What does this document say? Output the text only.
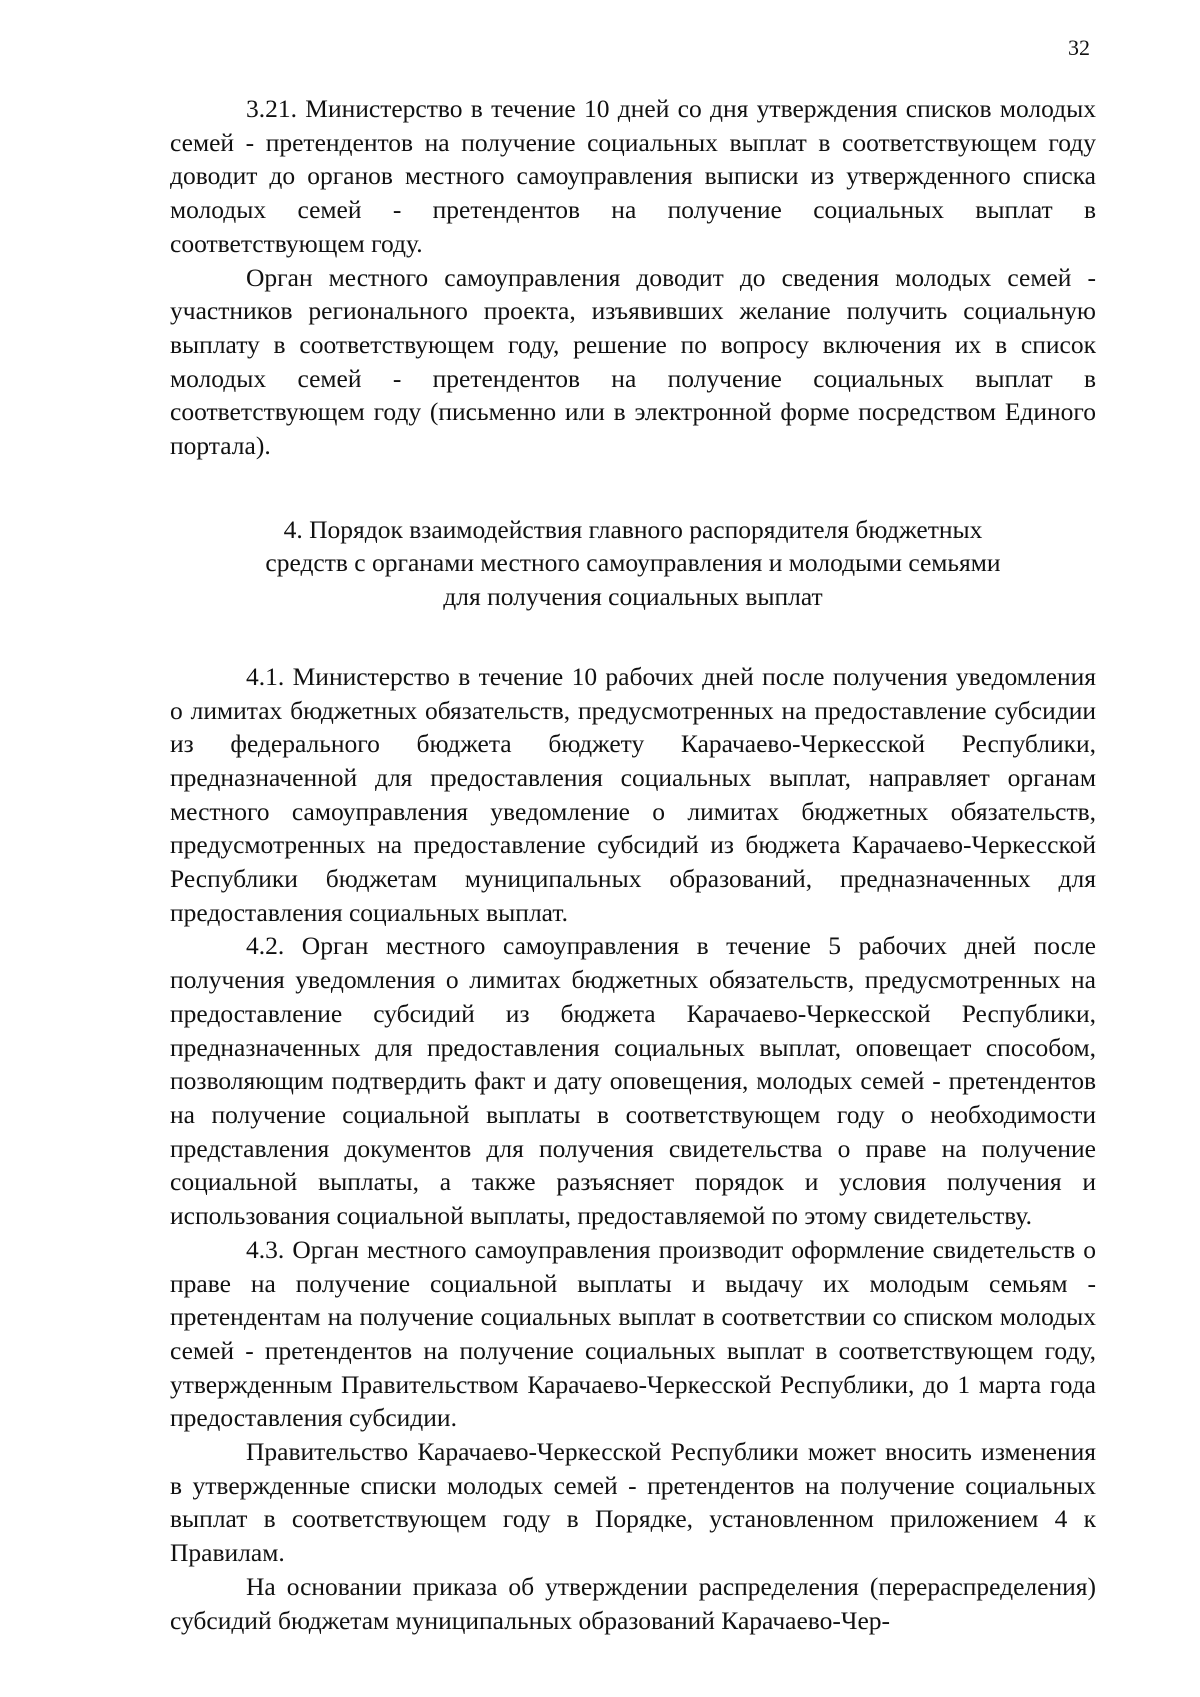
32

3.21. Министерство в течение 10 дней со дня утверждения списков молодых семей - претендентов на получение социальных выплат в соответствующем году доводит до органов местного самоуправления выписки из утвержденного списка молодых семей - претендентов на получение социальных выплат в соответствующем году.

Орган местного самоуправления доводит до сведения молодых семей - участников регионального проекта, изъявивших желание получить социальную выплату в соответствующем году, решение по вопросу включения их в список молодых семей - претендентов на получение социальных выплат в соответствующем году (письменно или в электронной форме посредством Единого портала).

4. Порядок взаимодействия главного распорядителя бюджетных
средств с органами местного самоуправления и молодыми семьями
для получения социальных выплат

4.1. Министерство в течение 10 рабочих дней после получения уведомления о лимитах бюджетных обязательств, предусмотренных на предоставление субсидии из федерального бюджета бюджету Карачаево-Черкесской Республики, предназначенной для предоставления социальных выплат, направляет органам местного самоуправления уведомление о лимитах бюджетных обязательств, предусмотренных на предоставление субсидий из бюджета Карачаево-Черкесской Республики бюджетам муниципальных образований, предназначенных для предоставления социальных выплат.

4.2. Орган местного самоуправления в течение 5 рабочих дней после получения уведомления о лимитах бюджетных обязательств, предусмотренных на предоставление субсидий из бюджета Карачаево-Черкесской Республики, предназначенных для предоставления социальных выплат, оповещает способом, позволяющим подтвердить факт и дату оповещения, молодых семей - претендентов на получение социальной выплаты в соответствующем году о необходимости представления документов для получения свидетельства о праве на получение социальной выплаты, а также разъясняет порядок и условия получения и использования социальной выплаты, предоставляемой по этому свидетельству.

4.3. Орган местного самоуправления производит оформление свидетельств о праве на получение социальной выплаты и выдачу их молодым семьям - претендентам на получение социальных выплат в соответствии со списком молодых семей - претендентов на получение социальных выплат в соответствующем году, утвержденным Правительством Карачаево-Черкесской Республики, до 1 марта года предоставления субсидии.

Правительство Карачаево-Черкесской Республики может вносить изменения в утвержденные списки молодых семей - претендентов на получение социальных выплат в соответствующем году в Порядке, установленном приложением 4 к Правилам.

На основании приказа об утверждении распределения (перераспределения) субсидий бюджетам муниципальных образований Карачаево-Чер-
